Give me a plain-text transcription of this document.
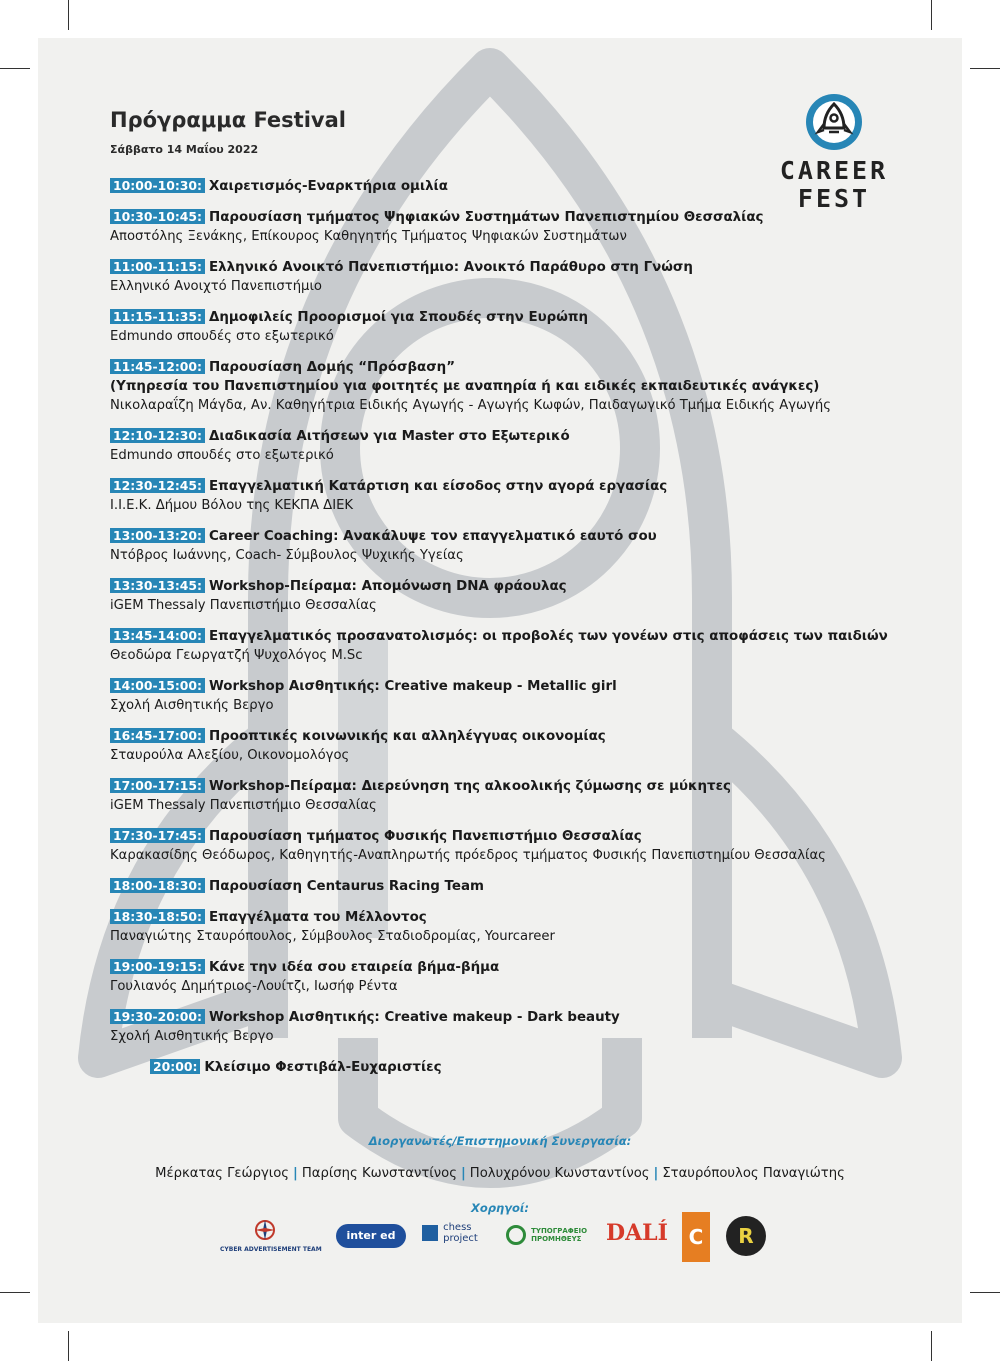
Πρόγραμμα Festival
Σάββατο 14 Μαΐου 2022
CAREER
FEST
10:00-10:30: Χαιρετισμός-Εναρκτήρια ομιλία
10:30-10:45: Παρουσίαση τμήματος Ψηφιακών Συστημάτων Πανεπιστημίου Θεσσαλίας
Αποστόλης Ξενάκης, Επίκουρος Καθηγητής Τμήματος Ψηφιακών Συστημάτων
11:00-11:15: Ελληνικό Ανοικτό Πανεπιστήμιο: Ανοικτό Παράθυρο στη Γνώση
Ελληνικό Ανοιχτό Πανεπιστήμιο
11:15-11:35: Δημοφιλείς Προορισμοί για Σπουδές στην Ευρώπη
Edmundo σπουδές στο εξωτερικό
11:45-12:00: Παρουσίαση Δομής “Πρόσβαση”
(Υπηρεσία του Πανεπιστημίου για φοιτητές με αναπηρία ή και ειδικές εκπαιδευτικές ανάγκες)
Νικολαραΐζη Μάγδα, Αν. Καθηγήτρια Ειδικής Αγωγής - Αγωγής Κωφών, Παιδαγωγικό Τμήμα Ειδικής Αγωγής
12:10-12:30: Διαδικασία Αιτήσεων για Master στο Εξωτερικό
Edmundo σπουδές στο εξωτερικό
12:30-12:45: Επαγγελματική Κατάρτιση και είσοδος στην αγορά εργασίας
Ι.Ι.Ε.Κ. Δήμου Βόλου της ΚΕΚΠΑ ΔΙΕΚ
13:00-13:20: Career Coaching: Ανακάλυψε τον επαγγελματικό εαυτό σου
Ντόβρος Ιωάννης, Coach- Σύμβουλος Ψυχικής Υγείας
13:30-13:45: Workshop-Πείραμα: Απομόνωση DNA φράουλας
iGEM Thessaly Πανεπιστήμιο Θεσσαλίας
13:45-14:00: Επαγγελματικός προσανατολισμός: οι προβολές των γονέων στις αποφάσεις των παιδιών
Θεοδώρα Γεωργατζή Ψυχολόγος M.Sc
14:00-15:00: Workshop Αισθητικής: Creative makeup - Metallic girl
Σχολή Αισθητικής Βεργο
16:45-17:00: Προοπτικές κοινωνικής και αλληλέγγυας οικονομίας
Σταυρούλα Αλεξίου, Οικονομολόγος
17:00-17:15: Workshop-Πείραμα: Διερεύνηση της αλκοολικής ζύμωσης σε μύκητες
iGEM Thessaly Πανεπιστήμιο Θεσσαλίας
17:30-17:45: Παρουσίαση τμήματος Φυσικής Πανεπιστήμιο Θεσσαλίας
Καρακασίδης Θεόδωρος, Καθηγητής-Αναπληρωτής πρόεδρος τμήματος Φυσικής Πανεπιστημίου Θεσσαλίας
18:00-18:30: Παρουσίαση Centaurus Racing Team
18:30-18:50: Επαγγέλματα του Μέλλοντος
Παναγιώτης Σταυρόπουλος, Σύμβουλος Σταδιοδρομίας, Yourcareer
19:00-19:15: Κάνε την ιδέα σου εταιρεία βήμα-βήμα
Γουλιανός Δημήτριος-Λουίτζι, Ιωσήφ Ρέντα
19:30-20:00: Workshop Αισθητικής: Creative makeup - Dark beauty
Σχολή Αισθητικής Βεργο
20:00: Κλείσιμο Φεστιβάλ-Ευχαριστίες
Διοργανωτές/Επιστημονική Συνεργασία:
Μέρκατας Γεώργιος | Παρίσης Κωνσταντίνος | Πολυχρόνου Κωνσταντίνος | Σταυρόπουλος Παναγιώτης
Χορηγοί:
CYBER ADVERTISEMENT TEAM
inter ed
chess project
ΤΥΠΟΓΡΑΦΕΙΟ ΠΡΟΜΗΘΕΥΣ	DALÍ	C	R
